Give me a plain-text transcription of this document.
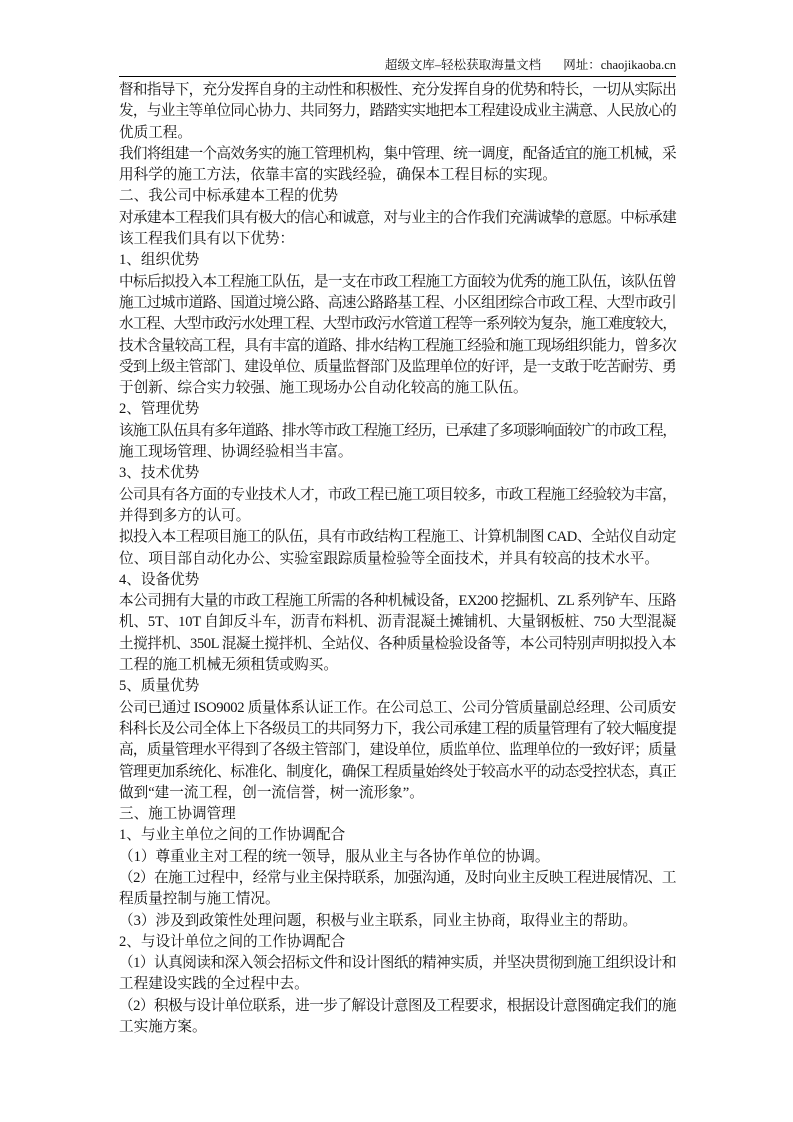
超级文库–轻松获取海量文档 网址：chaojikaoba.cn
督和指导下，充分发挥自身的主动性和积极性、充分发挥自身的优势和特长，一切从实际出
发，与业主等单位同心协力、共同努力，踏踏实实地把本工程建设成业主满意、人民放心的
优质工程。
我们将组建一个高效务实的施工管理机构，集中管理、统一调度，配备适宜的施工机械，采
用科学的施工方法，依靠丰富的实践经验，确保本工程目标的实现。
二、我公司中标承建本工程的优势
对承建本工程我们具有极大的信心和诚意，对与业主的合作我们充满诚挚的意愿。中标承建
该工程我们具有以下优势：
1、组织优势
中标后拟投入本工程施工队伍，是一支在市政工程施工方面较为优秀的施工队伍，该队伍曾
施工过城市道路、国道过境公路、高速公路路基工程、小区组团综合市政工程、大型市政引
水工程、大型市政污水处理工程、大型市政污水管道工程等一系列较为复杂，施工难度较大，
技术含量较高工程，具有丰富的道路、排水结构工程施工经验和施工现场组织能力，曾多次
受到上级主管部门、建设单位、质量监督部门及监理单位的好评，是一支敢于吃苦耐劳、勇
于创新、综合实力较强、施工现场办公自动化较高的施工队伍。
2、管理优势
该施工队伍具有多年道路、排水等市政工程施工经历，已承建了多项影响面较广的市政工程，
施工现场管理、协调经验相当丰富。
3、技术优势
公司具有各方面的专业技术人才，市政工程已施工项目较多，市政工程施工经验较为丰富，
并得到多方的认可。
拟投入本工程项目施工的队伍，具有市政结构工程施工、计算机制图 CAD、全站仪自动定
位、项目部自动化办公、实验室跟踪质量检验等全面技术，并具有较高的技术水平。
4、设备优势
本公司拥有大量的市政工程施工所需的各种机械设备，EX200 挖掘机、ZL 系列铲车、压路
机、5T、10T 自卸反斗车，沥青布料机、沥青混凝土摊铺机、大量钢板桩、750 大型混凝
土搅拌机、350L 混凝土搅拌机、全站仪、各种质量检验设备等，本公司特别声明拟投入本
工程的施工机械无须租赁或购买。
5、质量优势
公司已通过 ISO9002 质量体系认证工作。在公司总工、公司分管质量副总经理、公司质安
科科长及公司全体上下各级员工的共同努力下，我公司承建工程的质量管理有了较大幅度提
高，质量管理水平得到了各级主管部门，建设单位，质监单位、监理单位的一致好评；质量
管理更加系统化、标准化、制度化，确保工程质量始终处于较高水平的动态受控状态，真正
做到“建一流工程，创一流信誉，树一流形象”。
三、施工协调管理
1、与业主单位之间的工作协调配合
（1）尊重业主对工程的统一领导，服从业主与各协作单位的协调。
（2）在施工过程中，经常与业主保持联系，加强沟通，及时向业主反映工程进展情况、工
程质量控制与施工情况。
（3）涉及到政策性处理问题，积极与业主联系，同业主协商，取得业主的帮助。
2、与设计单位之间的工作协调配合
（1）认真阅读和深入领会招标文件和设计图纸的精神实质，并坚决贯彻到施工组织设计和
工程建设实践的全过程中去。
（2）积极与设计单位联系，进一步了解设计意图及工程要求，根据设计意图确定我们的施
工实施方案。
